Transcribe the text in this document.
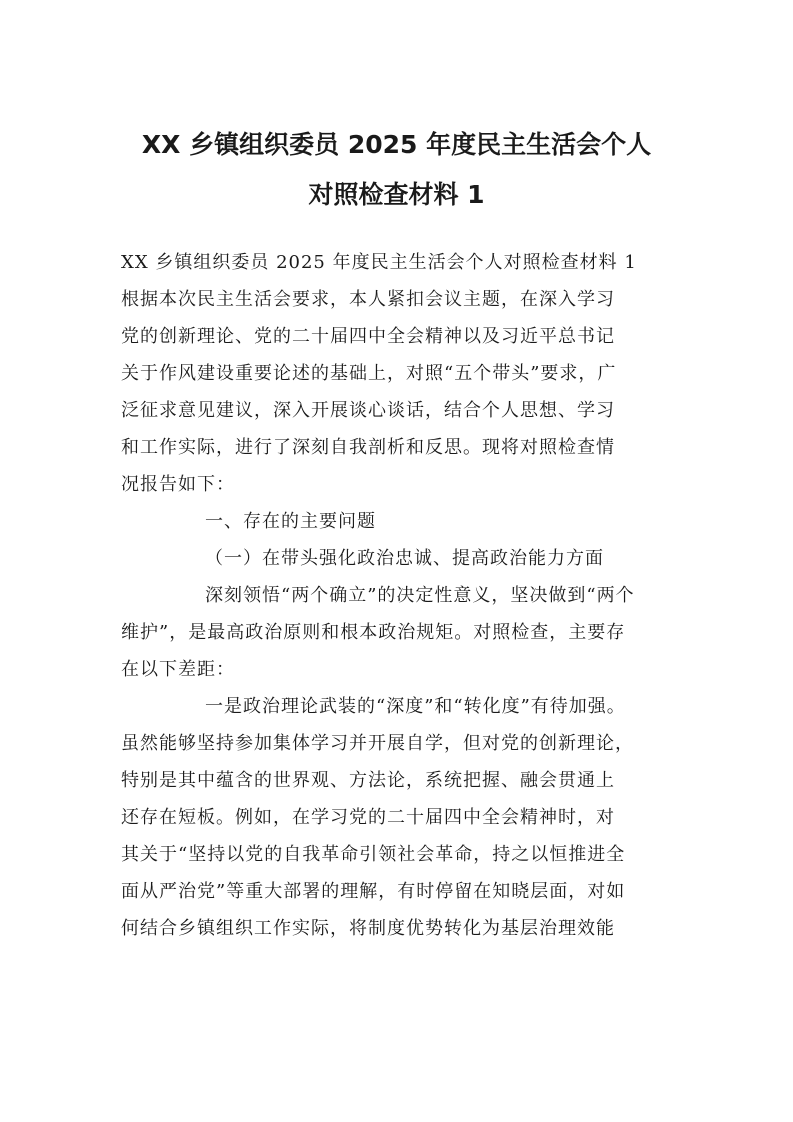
XX 乡镇组织委员 2025 年度民主生活会个人
对照检查材料 1

XX 乡镇组织委员 2025 年度民主生活会个人对照检查材料 1

根据本次民主生活会要求，本人紧扣会议主题，在深入学习

党的创新理论、党的二十届四中全会精神以及习近平总书记

关于作风建设重要论述的基础上，对照“五个带头”要求，广

泛征求意见建议，深入开展谈心谈话，结合个人思想、学习

和工作实际，进行了深刻自我剖析和反思。现将对照检查情

况报告如下：

一、存在的主要问题

（一）在带头强化政治忠诚、提高政治能力方面

深刻领悟“两个确立”的决定性意义，坚决做到“两个

维护”，是最高政治原则和根本政治规矩。对照检查，主要存

在以下差距：

一是政治理论武装的“深度”和“转化度”有待加强。

虽然能够坚持参加集体学习并开展自学，但对党的创新理论，

特别是其中蕴含的世界观、方法论，系统把握、融会贯通上

还存在短板。例如，在学习党的二十届四中全会精神时，对

其关于“坚持以党的自我革命引领社会革命，持之以恒推进全

面从严治党”等重大部署的理解，有时停留在知晓层面，对如

何结合乡镇组织工作实际，将制度优势转化为基层治理效能
